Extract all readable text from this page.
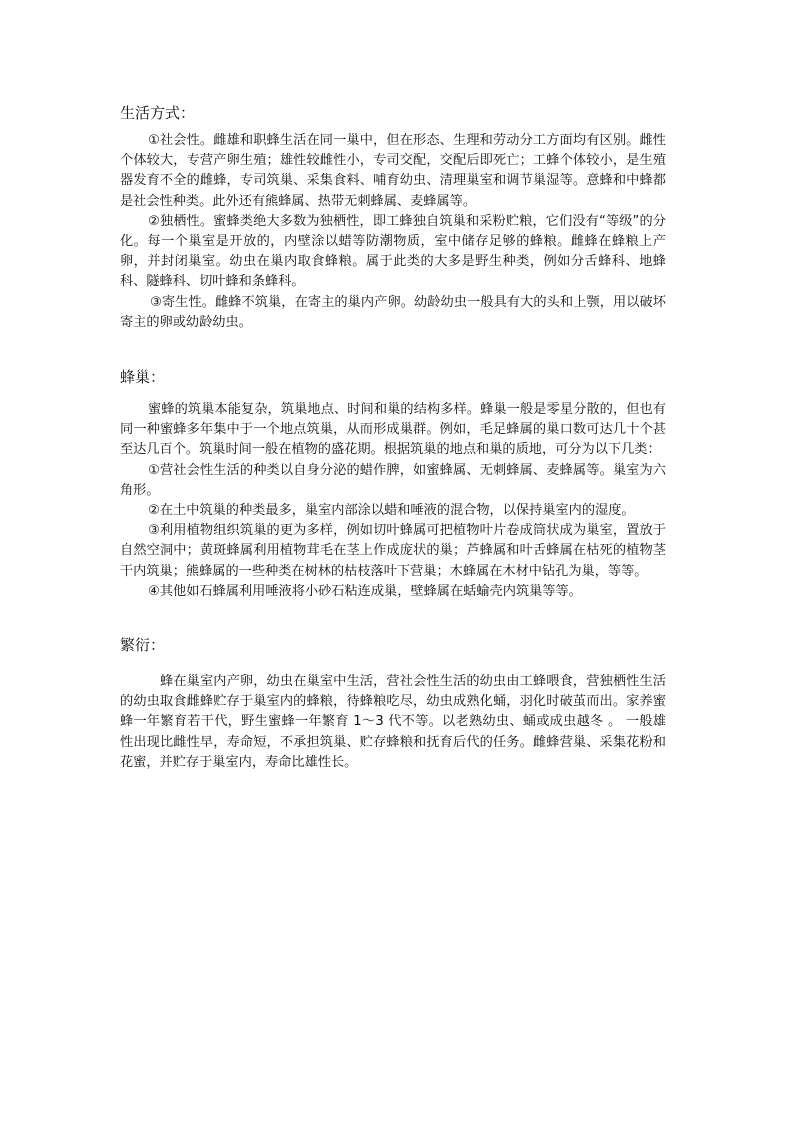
生活方式：

①社会性。雌雄和职蜂生活在同一巢中，但在形态、生理和劳动分工方面均有区别。雌性个体较大，专营产卵生殖；雄性较雌性小，专司交配，交配后即死亡；工蜂个体较小，是生殖器发育不全的雌蜂，专司筑巢、采集食料、哺育幼虫、清理巢室和调节巢湿等。意蜂和中蜂都是社会性种类。此外还有熊蜂属、热带无刺蜂属、麦蜂属等。

②独栖性。蜜蜂类绝大多数为独栖性，即工蜂独自筑巢和采粉贮粮，它们没有“等级”的分化。每一个巢室是开放的，内壁涂以蜡等防潮物质，室中储存足够的蜂粮。雌蜂在蜂粮上产卵，并封闭巢室。幼虫在巢内取食蜂粮。属于此类的大多是野生种类，例如分舌蜂科、地蜂科、隧蜂科、切叶蜂和条蜂科。

③寄生性。雌蜂不筑巢，在寄主的巢内产卵。幼龄幼虫一般具有大的头和上颚，用以破坏寄主的卵或幼龄幼虫。

蜂巢：

蜜蜂的筑巢本能复杂，筑巢地点、时间和巢的结构多样。蜂巢一般是零星分散的，但也有同一种蜜蜂多年集中于一个地点筑巢，从而形成巢群。例如，毛足蜂属的巢口数可达几十个甚至达几百个。筑巢时间一般在植物的盛花期。根据筑巢的地点和巢的质地，可分为以下几类：

①营社会性生活的种类以自身分泌的蜡作脾，如蜜蜂属、无刺蜂属、麦蜂属等。巢室为六角形。

②在土中筑巢的种类最多，巢室内部涂以蜡和唾液的混合物，以保持巢室内的湿度。

③利用植物组织筑巢的更为多样，例如切叶蜂属可把植物叶片卷成筒状成为巢室，置放于自然空洞中；黄斑蜂属利用植物茸毛在茎上作成庞状的巢；芦蜂属和叶舌蜂属在枯死的植物茎干内筑巢；熊蜂属的一些种类在树林的枯枝落叶下营巢；木蜂属在木材中钻孔为巢，等等。

④其他如石蜂属利用唾液将小砂石粘连成巢，壁蜂属在蛞蝓壳内筑巢等等。

繁衍：

蜂在巢室内产卵，幼虫在巢室中生活，营社会性生活的幼虫由工蜂喂食，营独栖性生活的幼虫取食雌蜂贮存于巢室内的蜂粮，待蜂粮吃尽，幼虫成熟化蛹，羽化时破茧而出。家养蜜蜂一年繁育若干代，野生蜜蜂一年繁育 1～3 代不等。以老熟幼虫、蛹或成虫越冬 。 一般雄性出现比雌性早，寿命短，不承担筑巢、贮存蜂粮和抚育后代的任务。雌蜂营巢、采集花粉和花蜜，并贮存于巢室内，寿命比雄性长。
